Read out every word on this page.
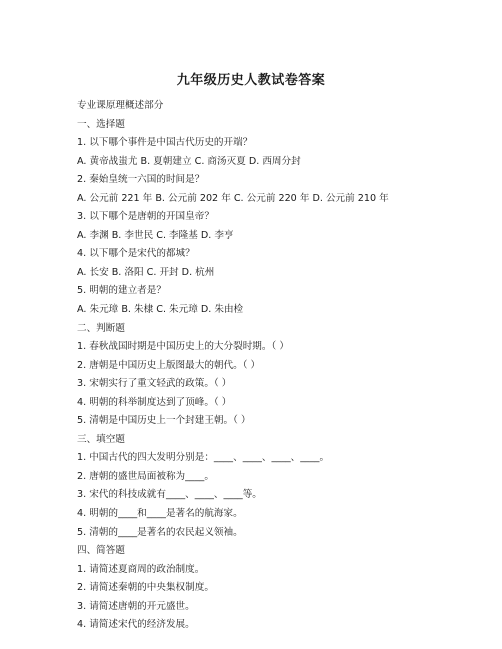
九年级历史人教试卷答案
专业课原理概述部分
一、选择题
1. 以下哪个事件是中国古代历史的开端？
A. 黄帝战蚩尤 B. 夏朝建立 C. 商汤灭夏 D. 西周分封
2. 秦始皇统一六国的时间是？
A. 公元前 221 年 B. 公元前 202 年 C. 公元前 220 年 D. 公元前 210 年
3. 以下哪个是唐朝的开国皇帝？
A. 李渊 B. 李世民 C. 李隆基 D. 李亨
4. 以下哪个是宋代的都城？
A. 长安 B. 洛阳 C. 开封 D. 杭州
5. 明朝的建立者是？
A. 朱元璋 B. 朱棣 C. 朱元璋 D. 朱由检
二、判断题
1. 春秋战国时期是中国历史上的大分裂时期。（ ）
2. 唐朝是中国历史上版图最大的朝代。（ ）
3. 宋朝实行了重文轻武的政策。（ ）
4. 明朝的科举制度达到了顶峰。（ ）
5. 清朝是中国历史上一个封建王朝。（ ）
三、填空题
1. 中国古代的四大发明分别是：____、____、____、____。
2. 唐朝的盛世局面被称为____。
3. 宋代的科技成就有____、____、____等。
4. 明朝的____和____是著名的航海家。
5. 清朝的____是著名的农民起义领袖。
四、简答题
1. 请简述夏商周的政治制度。
2. 请简述秦朝的中央集权制度。
3. 请简述唐朝的开元盛世。
4. 请简述宋代的经济发展。
